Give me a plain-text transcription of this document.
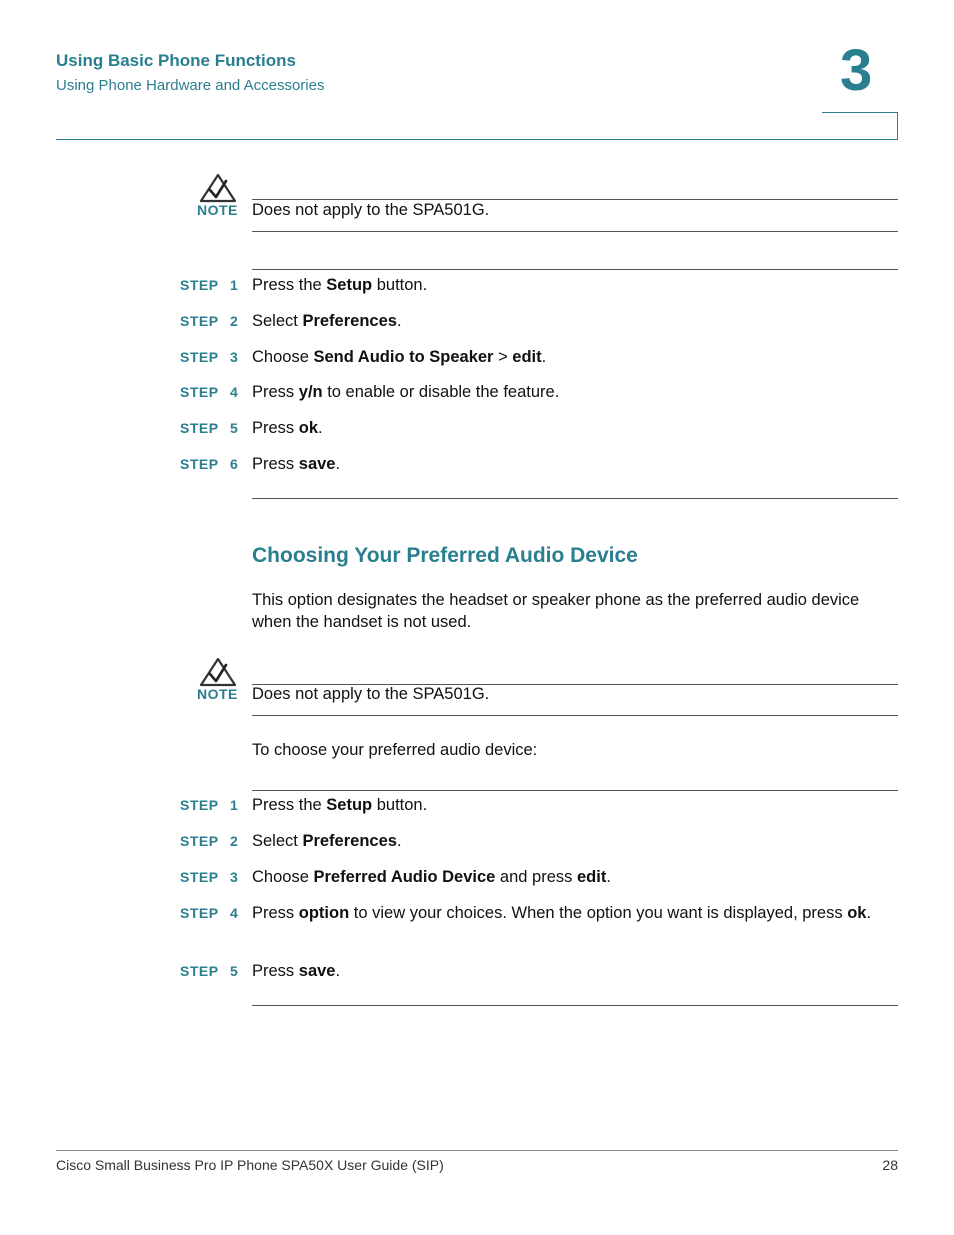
Using Basic Phone Functions
Using Phone Hardware and Accessories	3
NOTE Does not apply to the SPA501G.
STEP 1 Press the Setup button.
STEP 2 Select Preferences.
STEP 3 Choose Send Audio to Speaker > edit.
STEP 4 Press y/n to enable or disable the feature.
STEP 5 Press ok.
STEP 6 Press save.
Choosing Your Preferred Audio Device
This option designates the headset or speaker phone as the preferred audio device when the handset is not used.
NOTE Does not apply to the SPA501G.
To choose your preferred audio device:
STEP 1 Press the Setup button.
STEP 2 Select Preferences.
STEP 3 Choose Preferred Audio Device and press edit.
STEP 4 Press option to view your choices. When the option you want is displayed, press ok.
STEP 5 Press save.
Cisco Small Business Pro IP Phone SPA50X User Guide (SIP)	28
